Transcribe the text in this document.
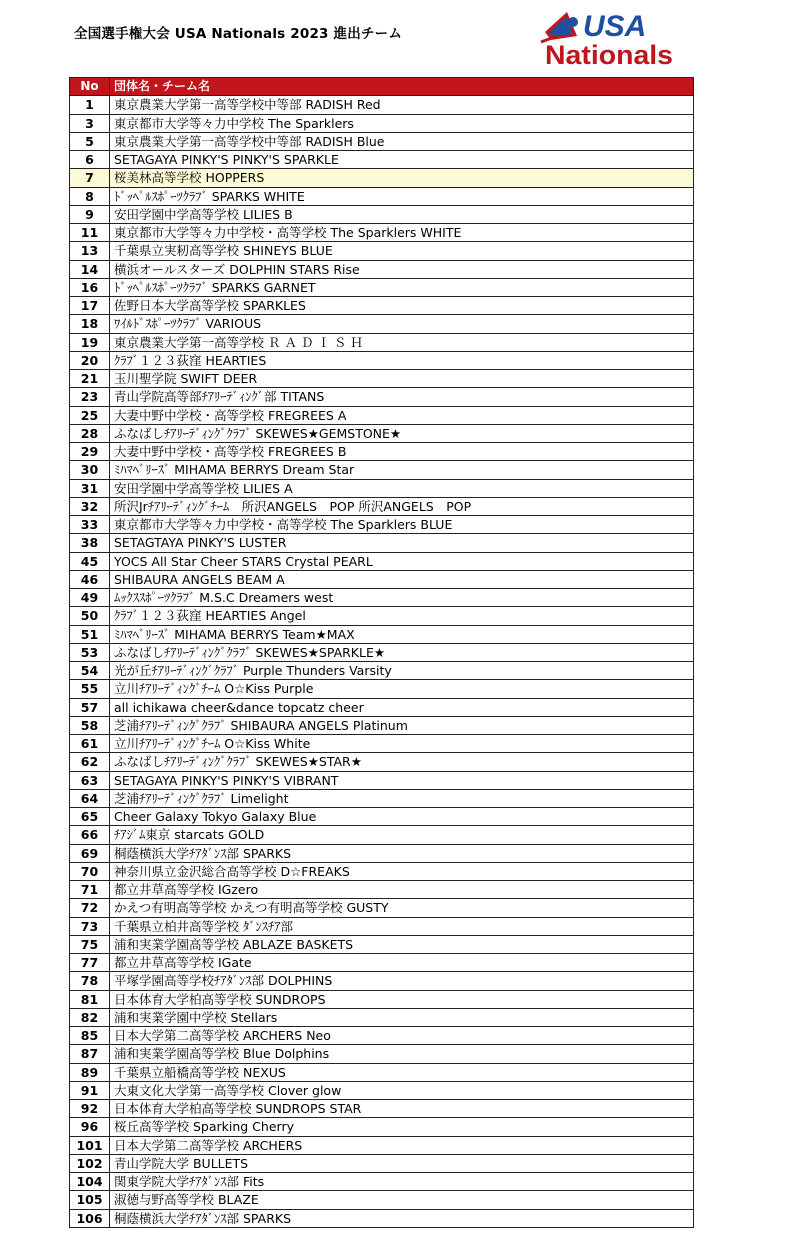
全国選手権大会 USA Nationals 2023 進出チーム	USA
Nationals
No	団体名・チーム名
1	東京農業大学第一高等学校中等部 RADISH Red
3	東京都市大学等々力中学校 The Sparklers
5	東京農業大学第一高等学校中等部 RADISH Blue
6	SETAGAYA PINKY'S PINKY'S SPARKLE
7	桜美林高等学校 HOPPERS
8	ﾄﾞｯﾍﾟﾙｽﾎﾟｰﾂｸﾗﾌﾞ SPARKS WHITE
9	安田学園中学高等学校 LILIES B
11	東京都市大学等々力中学校・高等学校 The Sparklers WHITE
13	千葉県立実籾高等学校 SHINEYS BLUE
14	横浜オールスターズ DOLPHIN STARS Rise
16	ﾄﾞｯﾍﾟﾙｽﾎﾟｰﾂｸﾗﾌﾞ SPARKS GARNET
17	佐野日本大学高等学校 SPARKLES
18	ﾜｲﾙﾄﾞｽﾎﾟｰﾂｸﾗﾌﾞ VARIOUS
19	東京農業大学第一高等学校 Ｒ Ａ Ｄ Ｉ Ｓ Ｈ
20	ｸﾗﾌﾞ１２３荻窪 HEARTIES
21	玉川聖学院 SWIFT DEER
23	青山学院高等部ﾁｱﾘｰﾃﾞｨﾝｸﾞ部 TITANS
25	大妻中野中学校・高等学校 FREGREES A
28	ふなばしﾁｱﾘｰﾃﾞｨﾝｸﾞｸﾗﾌﾞ SKEWES★GEMSTONE★
29	大妻中野中学校・高等学校 FREGREES B
30	ﾐﾊﾏﾍﾞﾘｰｽﾞ MIHAMA BERRYS Dream Star
31	安田学園中学高等学校 LILIES A
32	所沢Jrﾁｱﾘｰﾃﾞｨﾝｸﾞﾁｰﾑ　所沢ANGELS　POP 所沢ANGELS　POP
33	東京都市大学等々力中学校・高等学校 The Sparklers BLUE
38	SETAGTAYA PINKY'S LUSTER
45	YOCS All Star Cheer STARS Crystal PEARL
46	SHIBAURA ANGELS BEAM A
49	ﾑｯｸｽｽﾎﾟｰﾂｸﾗﾌﾞ M.S.C Dreamers west
50	ｸﾗﾌﾞ１２３荻窪 HEARTIES Angel
51	ﾐﾊﾏﾍﾞﾘｰｽﾞ MIHAMA BERRYS Team★MAX
53	ふなばしﾁｱﾘｰﾃﾞｨﾝｸﾞｸﾗﾌﾞ SKEWES★SPARKLE★
54	光が丘ﾁｱﾘｰﾃﾞｨﾝｸﾞｸﾗﾌﾞ Purple Thunders Varsity
55	立川ﾁｱﾘｰﾃﾞｨﾝｸﾞﾁｰﾑ O☆Kiss Purple
57	all ichikawa cheer&dance topcatz cheer
58	芝浦ﾁｱﾘｰﾃﾞｨﾝｸﾞｸﾗﾌﾞ SHIBAURA ANGELS Platinum
61	立川ﾁｱﾘｰﾃﾞｨﾝｸﾞﾁｰﾑ O☆Kiss White
62	ふなばしﾁｱﾘｰﾃﾞｨﾝｸﾞｸﾗﾌﾞ SKEWES★STAR★
63	SETAGAYA PINKY'S PINKY'S VIBRANT
64	芝浦ﾁｱﾘｰﾃﾞｨﾝｸﾞｸﾗﾌﾞ Limelight
65	Cheer Galaxy Tokyo Galaxy Blue
66	ﾁｱｼﾞﾑ東京 starcats GOLD
69	桐蔭横浜大学ﾁｱﾀﾞﾝｽ部 SPARKS
70	神奈川県立金沢総合高等学校 D☆FREAKS
71	都立井草高等学校 IGzero
72	かえつ有明高等学校 かえつ有明高等学校 GUSTY
73	千葉県立柏井高等学校 ﾀﾞﾝｽﾁｱ部
75	浦和実業学園高等学校 ABLAZE BASKETS
77	都立井草高等学校 IGate
78	平塚学園高等学校ﾁｱﾀﾞﾝｽ部 DOLPHINS
81	日本体育大学柏高等学校 SUNDROPS
82	浦和実業学園中学校 Stellars
85	日本大学第二高等学校 ARCHERS Neo
87	浦和実業学園高等学校 Blue Dolphins
89	千葉県立船橋高等学校 NEXUS
91	大東文化大学第一高等学校 Clover glow
92	日本体育大学柏高等学校 SUNDROPS STAR
96	桜丘高等学校 Sparking Cherry
101	日本大学第二高等学校 ARCHERS
102	青山学院大学 BULLETS
104	関東学院大学ﾁｱﾀﾞﾝｽ部 Fits
105	淑徳与野高等学校 BLAZE
106	桐蔭横浜大学ﾁｱﾀﾞﾝｽ部 SPARKS
